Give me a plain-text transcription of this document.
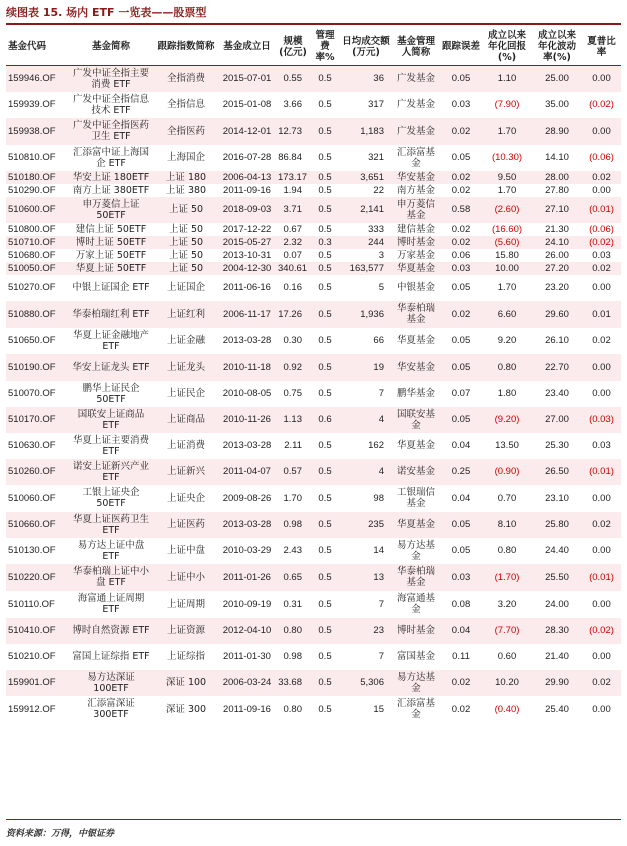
续图表 15. 场内 ETF 一览表——股票型
基金代码	基金简称	跟踪指数简称	基金成立日	规模(亿元)	管理费率%	日均成交额(万元)	基金管理人简称	跟踪误差	成立以来年化回报(%)	成立以来年化波动率(%)	夏普比率
159946.OF	广发中证全指主要消费 ETF	全指消费	2015-07-01	0.55	0.5	36	广发基金	0.05	1.10	25.00	0.00
159939.OF	广发中证全指信息技术 ETF	全指信息	2015-01-08	3.66	0.5	317	广发基金	0.03	(7.90)	35.00	(0.02)
159938.OF	广发中证全指医药卫生 ETF	全指医药	2014-12-01	12.73	0.5	1,183	广发基金	0.02	1.70	28.90	0.00
510810.OF	汇添富中证上海国企 ETF	上海国企	2016-07-28	86.84	0.5	321	汇添富基金	0.05	(10.30)	14.10	(0.06)
510180.OF	华安上证 180ETF	上证 180	2006-04-13	173.17	0.5	3,651	华安基金	0.02	9.50	28.00	0.02
510290.OF	南方上证 380ETF	上证 380	2011-09-16	1.94	0.5	22	南方基金	0.02	1.70	27.80	0.00
510600.OF	申万菱信上证 50ETF	上证 50	2018-09-03	3.71	0.5	2,141	申万菱信基金	0.58	(2.60)	27.10	(0.01)
510800.OF	建信上证 50ETF	上证 50	2017-12-22	0.67	0.5	333	建信基金	0.02	(16.60)	21.30	(0.06)
510710.OF	博时上证 50ETF	上证 50	2015-05-27	2.32	0.3	244	博时基金	0.02	(5.60)	24.10	(0.02)
510680.OF	万家上证 50ETF	上证 50	2013-10-31	0.07	0.5	3	万家基金	0.06	15.80	26.00	0.03
510050.OF	华夏上证 50ETF	上证 50	2004-12-30	340.61	0.5	163,577	华夏基金	0.03	10.00	27.20	0.02
510270.OF	中银上证国企 ETF	上证国企	2011-06-16	0.16	0.5	5	中银基金	0.05	1.70	23.20	0.00
510880.OF	华泰柏瑞红利 ETF	上证红利	2006-11-17	17.26	0.5	1,936	华泰柏瑞基金	0.02	6.60	29.60	0.01
510650.OF	华夏上证金融地产 ETF	上证金融	2013-03-28	0.30	0.5	66	华夏基金	0.05	9.20	26.10	0.02
510190.OF	华安上证龙头 ETF	上证龙头	2010-11-18	0.92	0.5	19	华安基金	0.05	0.80	22.70	0.00
510070.OF	鹏华上证民企 50ETF	上证民企	2010-08-05	0.75	0.5	7	鹏华基金	0.07	1.80	23.40	0.00
510170.OF	国联安上证商品 ETF	上证商品	2010-11-26	1.13	0.6	4	国联安基金	0.05	(9.20)	27.00	(0.03)
510630.OF	华夏上证主要消费 ETF	上证消费	2013-03-28	2.11	0.5	162	华夏基金	0.04	13.50	25.30	0.03
510260.OF	诺安上证新兴产业 ETF	上证新兴	2011-04-07	0.57	0.5	4	诺安基金	0.25	(0.90)	26.50	(0.01)
510060.OF	工银上证央企 50ETF	上证央企	2009-08-26	1.70	0.5	98	工银瑞信基金	0.04	0.70	23.10	0.00
510660.OF	华夏上证医药卫生 ETF	上证医药	2013-03-28	0.98	0.5	235	华夏基金	0.05	8.10	25.80	0.02
510130.OF	易方达上证中盘 ETF	上证中盘	2010-03-29	2.43	0.5	14	易方达基金	0.05	0.80	24.40	0.00
510220.OF	华泰柏瑞上证中小盘 ETF	上证中小	2011-01-26	0.65	0.5	13	华泰柏瑞基金	0.03	(1.70)	25.50	(0.01)
510110.OF	海富通上证周期 ETF	上证周期	2010-09-19	0.31	0.5	7	海富通基金	0.08	3.20	24.00	0.00
510410.OF	博时自然资源 ETF	上证资源	2012-04-10	0.80	0.5	23	博时基金	0.04	(7.70)	28.30	(0.02)
510210.OF	富国上证综指 ETF	上证综指	2011-01-30	0.98	0.5	7	富国基金	0.11	0.60	21.40	0.00
159901.OF	易方达深证 100ETF	深证 100	2006-03-24	33.68	0.5	5,306	易方达基金	0.02	10.20	29.90	0.02
159912.OF	汇添富深证 300ETF	深证 300	2011-09-16	0.80	0.5	15	汇添富基金	0.02	(0.40)	25.40	0.00
资料来源：万得，中银证券
